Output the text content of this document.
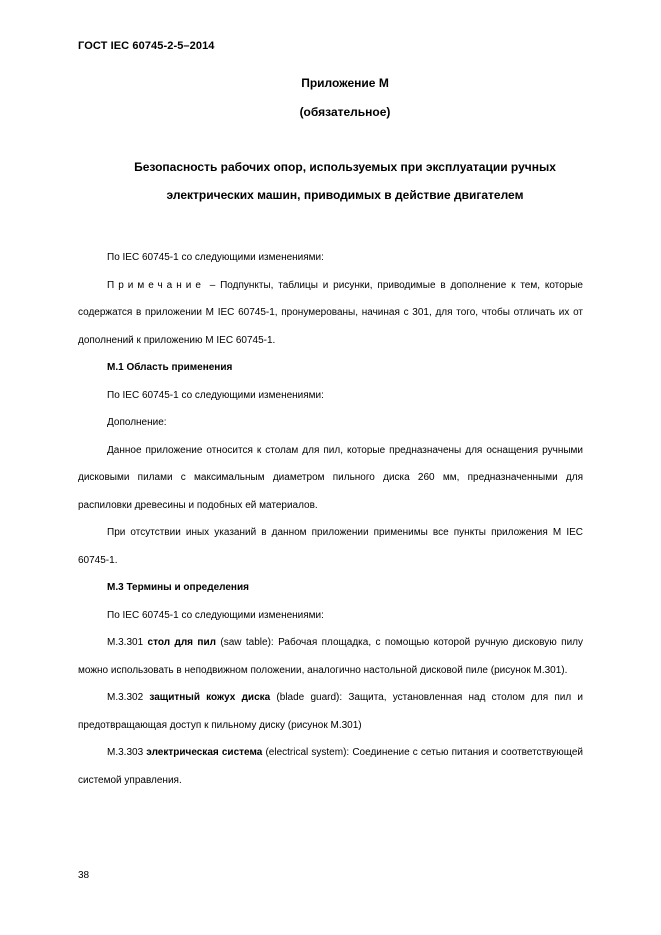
ГОСТ IEC 60745-2-5–2014
Приложение М
(обязательное)
Безопасность рабочих опор, используемых при эксплуатации ручных
электрических машин, приводимых в действие двигателем

По IEC 60745-1 со следующими изменениями:

Примечание – Подпункты, таблицы и рисунки, приводимые в дополнение к тем, которые содержатся в приложении М IEC 60745-1, пронумерованы, начиная с 301, для того, чтобы отличать их от дополнений к приложению М IEC 60745-1.

М.1 Область применения

По IEC 60745-1 со следующими изменениями:

Дополнение:

Данное приложение относится к столам для пил, которые предназначены для оснащения ручными дисковыми пилами с максимальным диаметром пильного диска 260 мм, предназначенными для распиловки древесины и подобных ей материалов.

При отсутствии иных указаний в данном приложении применимы все пункты приложения М IEC 60745-1.

М.3 Термины и определения

По IEC 60745-1 со следующими изменениями:

М.3.301 стол для пил (saw table): Рабочая площадка, с помощью которой ручную дисковую пилу можно использовать в неподвижном положении, аналогично настольной дисковой пиле (рисунок М.301).

М.3.302 защитный кожух диска (blade guard): Защита, установленная над столом для пил и предотвращающая доступ к пильному диску (рисунок М.301)

М.3.303 электрическая система (electrical system): Соединение с сетью питания и соответствующей системой управления.

38
